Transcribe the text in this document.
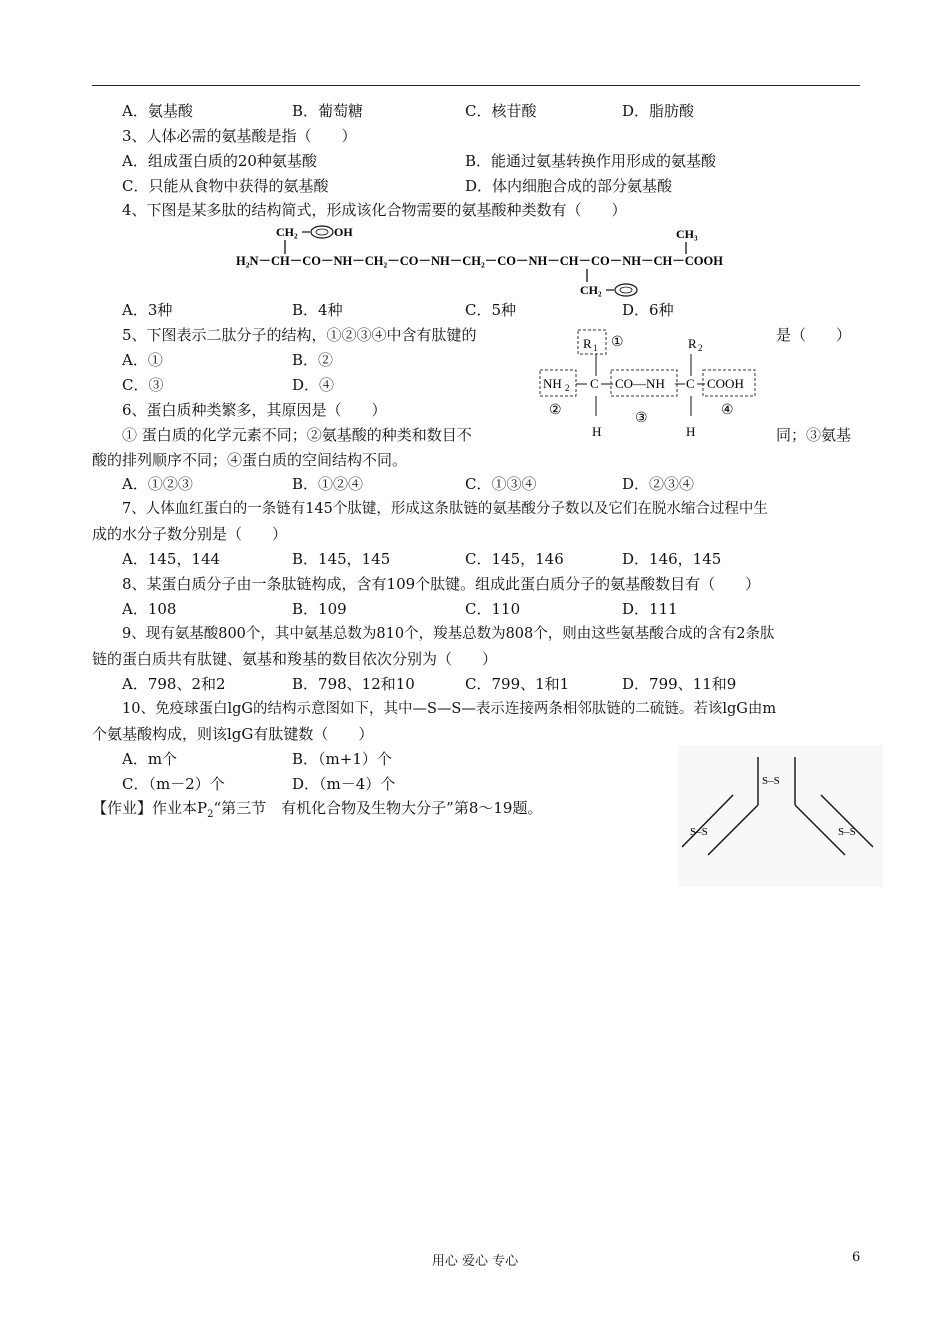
A．氨基酸	B．葡萄糖	C．核苷酸	D．脂肪酸
3、人体必需的氨基酸是指（　　）
A．组成蛋白质的20种氨基酸	B．能通过氨基转换作用形成的氨基酸
C．只能从食物中获得的氨基酸	D．体内细胞合成的部分氨基酸
4、下图是某多肽的结构简式，形成该化合物需要的氨基酸种类数有（　　）
H₂N－CH－CO－NH－CH₂－CO－NH－CH₂－CO－NH－CH－CO－NH－CH－COOH
CH₂	OH	CH₃
CH₂
A．3种	B．4种	C．5种	D．6种
5、下图表示二肽分子的结构，①②③④中含有肽键的	是（　　）
A．①	B．②
C．③	D．④
R 1 ①	R 2
NH 2 C CO—NH C COOH
②
③
④
H	H
6、蛋白质种类繁多，其原因是（　　）
① 蛋白质的化学元素不同；②氨基酸的种类和数目不	同；③氨基
酸的排列顺序不同；④蛋白质的空间结构不同。
A．①②③	B．①②④	C．①③④	D．②③④
7、人体血红蛋白的一条链有145个肽键，形成这条肽链的氨基酸分子数以及它们在脱水缩合过程中生
成的水分子数分别是（　　）
A．145，144	B．145，145	C．145，146	D．146，145
8、某蛋白质分子由一条肽链构成，含有109个肽键。组成此蛋白质分子的氨基酸数目有（　　）
A．108	B．109	C．110	D．111
9、现有氨基酸800个，其中氨基总数为810个，羧基总数为808个，则由这些氨基酸合成的含有2条肽
链的蛋白质共有肽键、氨基和羧基的数目依次分别为（　　）
A．798、2和2	B．798、12和10	C．799、1和1	D．799、11和9
10、免疫球蛋白lgG的结构示意图如下，其中—S—S—表示连接两条相邻肽链的二硫链。若该lgG由m
个氨基酸构成，则该lgG有肽键数（　　）
A．m个	B．（m+1）个
C．（m－2）个	D．（m－4）个
【作业】作业本$P_2“$第三节　有机化合物及生物大分子”第8～19题。
S–S
S–S	S–S
用心 爱心 专心	6
